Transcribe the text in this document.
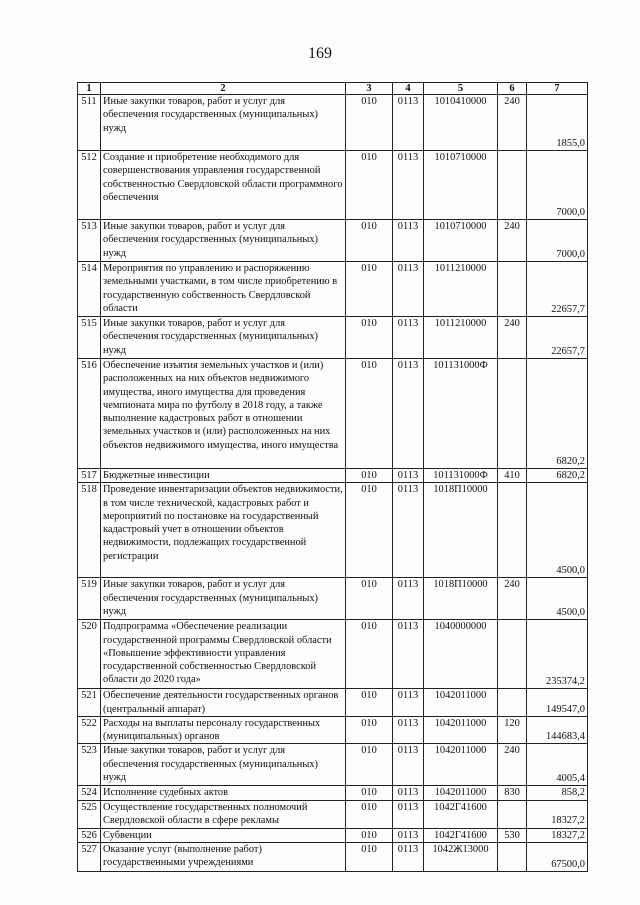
169
1	2	3	4	5	6	7
511	Иные закупки товаров, работ и услуг для обеспечения государственных (муниципальных) нужд	010	0113	1010410000	240	1855,0
512	Создание и приобретение необходимого для совершенствования управления государственной собственностью Свердловской области программного обеспечения	010	0113	1010710000		7000,0
513	Иные закупки товаров, работ и услуг для обеспечения государственных (муниципальных) нужд	010	0113	1010710000	240	7000,0
514	Мероприятия по управлению и распоряжению земельными участками, в том числе приобретению в государственную собственность Свердловской области	010	0113	1011210000		22657,7
515	Иные закупки товаров, работ и услуг для обеспечения государственных (муниципальных) нужд	010	0113	1011210000	240	22657,7
516	Обеспечение изъятия земельных участков и (или) расположенных на них объектов недвижимого имущества, иного имущества для проведения чемпионата мира по футболу в 2018 году, а также выполнение кадастровых работ в отношении земельных участков и (или) расположенных на них объектов недвижимого имущества, иного имущества	010	0113	101131000Ф		6820,2
517	Бюджетные инвестиции	010	0113	101131000Ф	410	6820,2
518	Проведение инвентаризации объектов недвижимости, в том числе технической, кадастровых работ и мероприятий по постановке на государственный кадастровый учет в отношении объектов недвижимости, подлежащих государственной регистрации	010	0113	1018П10000		4500,0
519	Иные закупки товаров, работ и услуг для обеспечения государственных (муниципальных) нужд	010	0113	1018П10000	240	4500,0
520	Подпрограмма «Обеспечение реализации государственной программы Свердловской области «Повышение эффективности управления государственной собственностью Свердловской области до 2020 года»	010	0113	1040000000		235374,2
521	Обеспечение деятельности государственных органов (центральный аппарат)	010	0113	1042011000		149547,0
522	Расходы на выплаты персоналу государственных (муниципальных) органов	010	0113	1042011000	120	144683,4
523	Иные закупки товаров, работ и услуг для обеспечения государственных (муниципальных) нужд	010	0113	1042011000	240	4005,4
524	Исполнение судебных актов	010	0113	1042011000	830	858,2
525	Осуществление государственных полномочий Свердловской области в сфере рекламы	010	0113	1042Г41600		18327,2
526	Субвенции	010	0113	1042Г41600	530	18327,2
527	Оказание услуг (выполнение работ) государственными учреждениями	010	0113	1042Ж13000		67500,0
